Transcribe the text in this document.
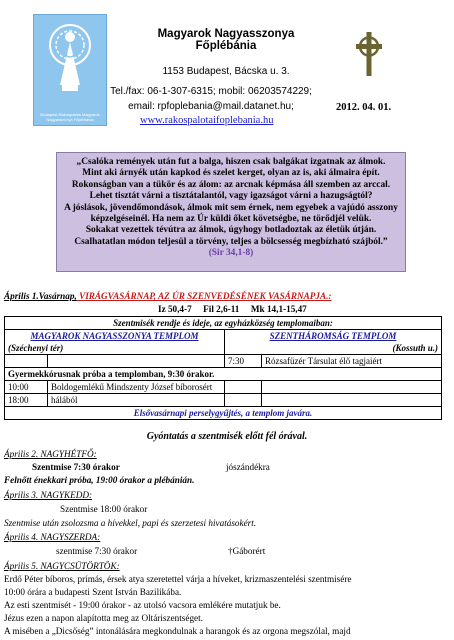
Budapest-Rákospalota Magyarok Nagyasszonya Főplébánia
Magyarok Nagyasszonya Főplébánia
1153 Budapest, Bácska u. 3.
Tel./fax: 06-1-307-6315; mobil: 06203574229;
email: rpfoplebania@mail.datanet.hu;
www.rakospalotaifoplebania.hu
2012. 04. 01.

„Csalóka remények után fut a balga, hiszen csak balgákat izgatnak az álmok.
Mint aki árnyék után kapkod és szelet kerget, olyan az is, aki álmaira épít.
Rokonságban van a tükör és az álom: az arcnak képmása áll szemben az arccal.
Lehet tisztát várni a tisztátalantól, vagy igazságot várni a hazugságtól?
A jóslások, jövendőmondások, álmok mit sem érnek, nem egyebek a vajúdó asszony
képzelgéseinél. Ha nem az Úr küldi őket követségbe, ne törődjél velük.
Sokakat vezettek tévútra az álmok, úgyhogy botladoztak az életük útján.
Csalhatatlan módon teljesül a törvény, teljes a bölcsesség megbízható szájból.”
(Sir 34,1-8)

Április 1.Vasárnap, VIRÁGVASÁRNAP, AZ ÚR SZENVEDÉSÉNEK VASÁRNAPJA.:
Iz 50,4-7     Fil 2,6-11     Mk 14,1-15,47
Szentmisék rendje és ideje, az egyházközség templomaiban:			
MAGYAROK NAGYASSZONYA TEMPLOM		SZENTHÁROMSÁG TEMPLOM	
(Széchenyi tér)		(Kossuth u.)	
		7:30	Rózsafüzér Társulat élő tagjaiért
Gyermekkórusnak próba a templomban, 9:30 órakor.			
10:00	Boldogemlékű Mindszenty József bíborosért		
18:00	hálából		
Elsővasárnapi perselygyűjtés, a templom javára.			
Gyóntatás a szentmisék előtt fél órával.
Április 2. NAGYHÉTFŐ:
Szentmise 7:30 órakor	jószándékra
Felnőtt énekkari próba, 19:00 órakor a plébánián.
Április 3. NAGYKEDD:
Szentmise 18:00 órakor
Szentmise után zsolozsma a hívekkel, papi és szerzetesi hivatásokért.
Április 4. NAGYSZERDA:
szentmise 7:30 órakor	†Gáborért
Április 5. NAGYCSÜTÖRTÖK:
Erdő Péter bíboros, prímás, érsek atya szeretettel várja a híveket, krizmaszentelési szentmisére
10:00 órára a budapesti Szent István Bazilikába.
Az esti szentmisét - 19:00 órakor - az utolsó vacsora emlékére mutatjuk be.
Jézus ezen a napon alapította meg az Oltáriszentséget.
A misében a „Dicsőség” intonálására megkondulnak a harangok és az orgona megszólal, majd
